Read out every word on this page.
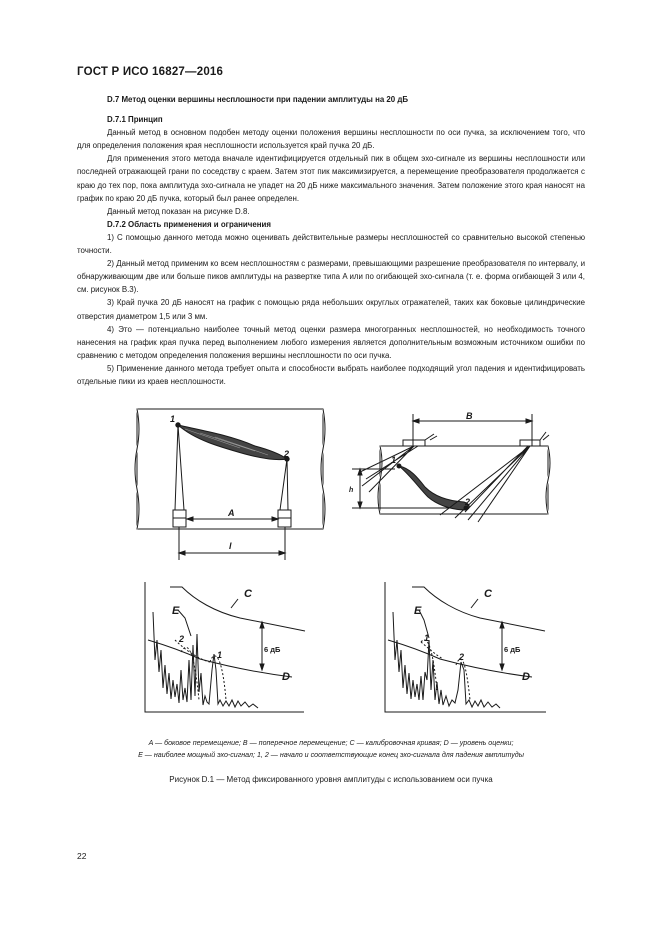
ГОСТ Р ИСО 16827—2016

D.7 Метод оценки вершины несплошности при падении амплитуды на 20 дБ

D.7.1 Принцип

Данный метод в основном подобен методу оценки положения вершины несплошности по оси пучка, за исключением того, что для определения положения края несплошности используется край пучка 20 дБ.

Для применения этого метода вначале идентифицируется отдельный пик в общем эхо-сигнале из вершины несплошности или последней отражающей грани по соседству с краем. Затем этот пик максимизируется, а перемещение преобразователя продолжается с краю до тех пор, пока амплитуда эхо-сигнала не упадет на 20 дБ ниже максимального значения. Затем положение этого края наносят на график по краю 20 дБ пучка, который был ранее определен.

Данный метод показан на рисунке D.8.

D.7.2 Область применения и ограничения

1) С помощью данного метода можно оценивать действительные размеры несплошностей со сравнительно высокой степенью точности.

2) Данный метод применим ко всем несплошностям с размерами, превышающими разрешение преобразователя по интервалу, и обнаруживающим две или больше пиков амплитуды на развертке типа A или по огибающей эхо-сигнала (т. е. форма огибающей 3 или 4, см. рисунок B.3).

3) Край пучка 20 дБ наносят на график с помощью ряда небольших округлых отражателей, таких как боковые цилиндрические отверстия диаметром 1,5 или 3 мм.

4) Это — потенциально наиболее точный метод оценки размера многогранных несплошностей, но необходимость точного нанесения на график края пучка перед выполнением любого измерения является дополнительным возможным источником ошибки по сравнению с методом определения положения вершины несплошности по оси пучка.

5) Применение данного метода требует опыта и способности выбрать наиболее подходящий угол падения и идентифицировать отдельные пики из краев несплошности.

1
2
A
l
B
h
1
2
C
D
E
2
1
6 дБ
C
D
E
1
2
6 дБ
A — боковое перемещение; B — поперечное перемещение; C — калибровочная кривая; D — уровень оценки;
E — наиболее мощный эхо-сигнал; 1, 2 — начало и соответствующие конец эхо-сигнала для падения амплитуды
Рисунок D.1 — Метод фиксированного уровня амплитуды с использованием оси пучка
22
